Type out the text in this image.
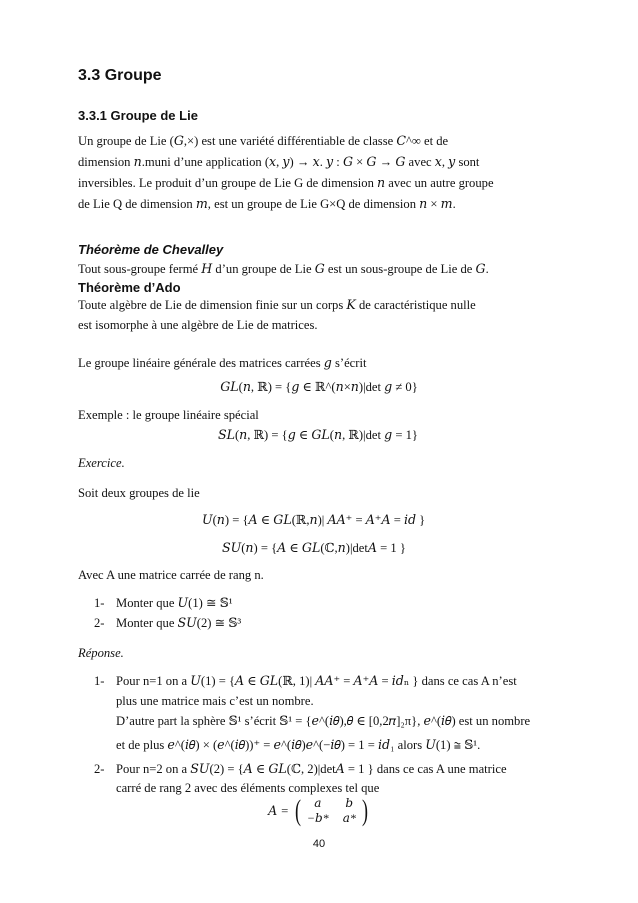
3.3 Groupe
3.3.1 Groupe de Lie
Un groupe de Lie (𝐺,×) est une variété différentiable de classe 𝐶^∞ et de
dimension 𝑛.muni d’une application (𝑥, 𝑦) → 𝑥. 𝑦 : 𝐺 × 𝐺 → 𝐺 avec 𝑥, 𝑦 sont
inversibles. Le produit d’un groupe de Lie G de dimension 𝑛 avec un autre groupe
de Lie Q de dimension 𝑚, est un groupe de Lie G×Q de dimension 𝑛 × 𝑚.
Théorème de Chevalley
Tout sous-groupe fermé 𝐻 d’un groupe de Lie 𝐺 est un sous-groupe de Lie de 𝐺.
Théorème d’Ado
Toute algèbre de Lie de dimension finie sur un corps 𝐾 de caractéristique nulle
est isomorphe à une algèbre de Lie de matrices.
Le groupe linéaire générale des matrices carrées 𝑔 s’écrit
𝐺𝐿(𝑛, ℝ) = {𝑔 ∈ ℝ^(𝑛×𝑛)|det 𝑔 ≠ 0}
Exemple : le groupe linéaire spécial
𝑆𝐿(𝑛, ℝ) = {𝑔 ∈ 𝐺𝐿(𝑛, ℝ)|det 𝑔 = 1}
Exercice.
Soit deux groupes de lie
𝑈(𝑛) = {𝐴 ∈ 𝐺𝐿(ℝ,𝑛)| 𝐴𝐴⁺ = 𝐴⁺𝐴 = 𝑖𝑑 }
𝑆𝑈(𝑛) = {𝐴 ∈ 𝐺𝐿(ℂ,𝑛)|det𝐴 = 1 }
Avec A une matrice carrée de rang n.
1- Monter que 𝑈(1) ≅ 𝕊¹
2- Monter que 𝑆𝑈(2) ≅ 𝕊³
Réponse.
1- Pour n=1 on a 𝑈(1) = {𝐴 ∈ 𝐺𝐿(ℝ, 1)| 𝐴𝐴⁺ = 𝐴⁺𝐴 = 𝑖𝑑ₙ } dans ce cas A n’est
plus une matrice mais c’est un nombre.
D’autre part la sphère 𝕊¹ s’écrit 𝕊¹ = {𝑒^(𝑖𝜃),𝜃 ∈ [0,2𝜋]₂π}, 𝑒^(𝑖𝜃) est un nombre
et de plus 𝑒^(𝑖𝜃) × (𝑒^(𝑖𝜃))⁺ = 𝑒^(𝑖𝜃)𝑒^(−𝑖𝜃) = 1 = 𝑖𝑑₁ alors 𝑈(1) ≅ 𝕊¹.
2- Pour n=2 on a 𝑆𝑈(2) = {𝐴 ∈ 𝐺𝐿(ℂ, 2)|det𝐴 = 1 } dans ce cas A une matrice
carré de rang 2 avec des éléments complexes tel que
𝐴 = (	𝑎	𝑏
−𝑏* 𝑎* )
40
